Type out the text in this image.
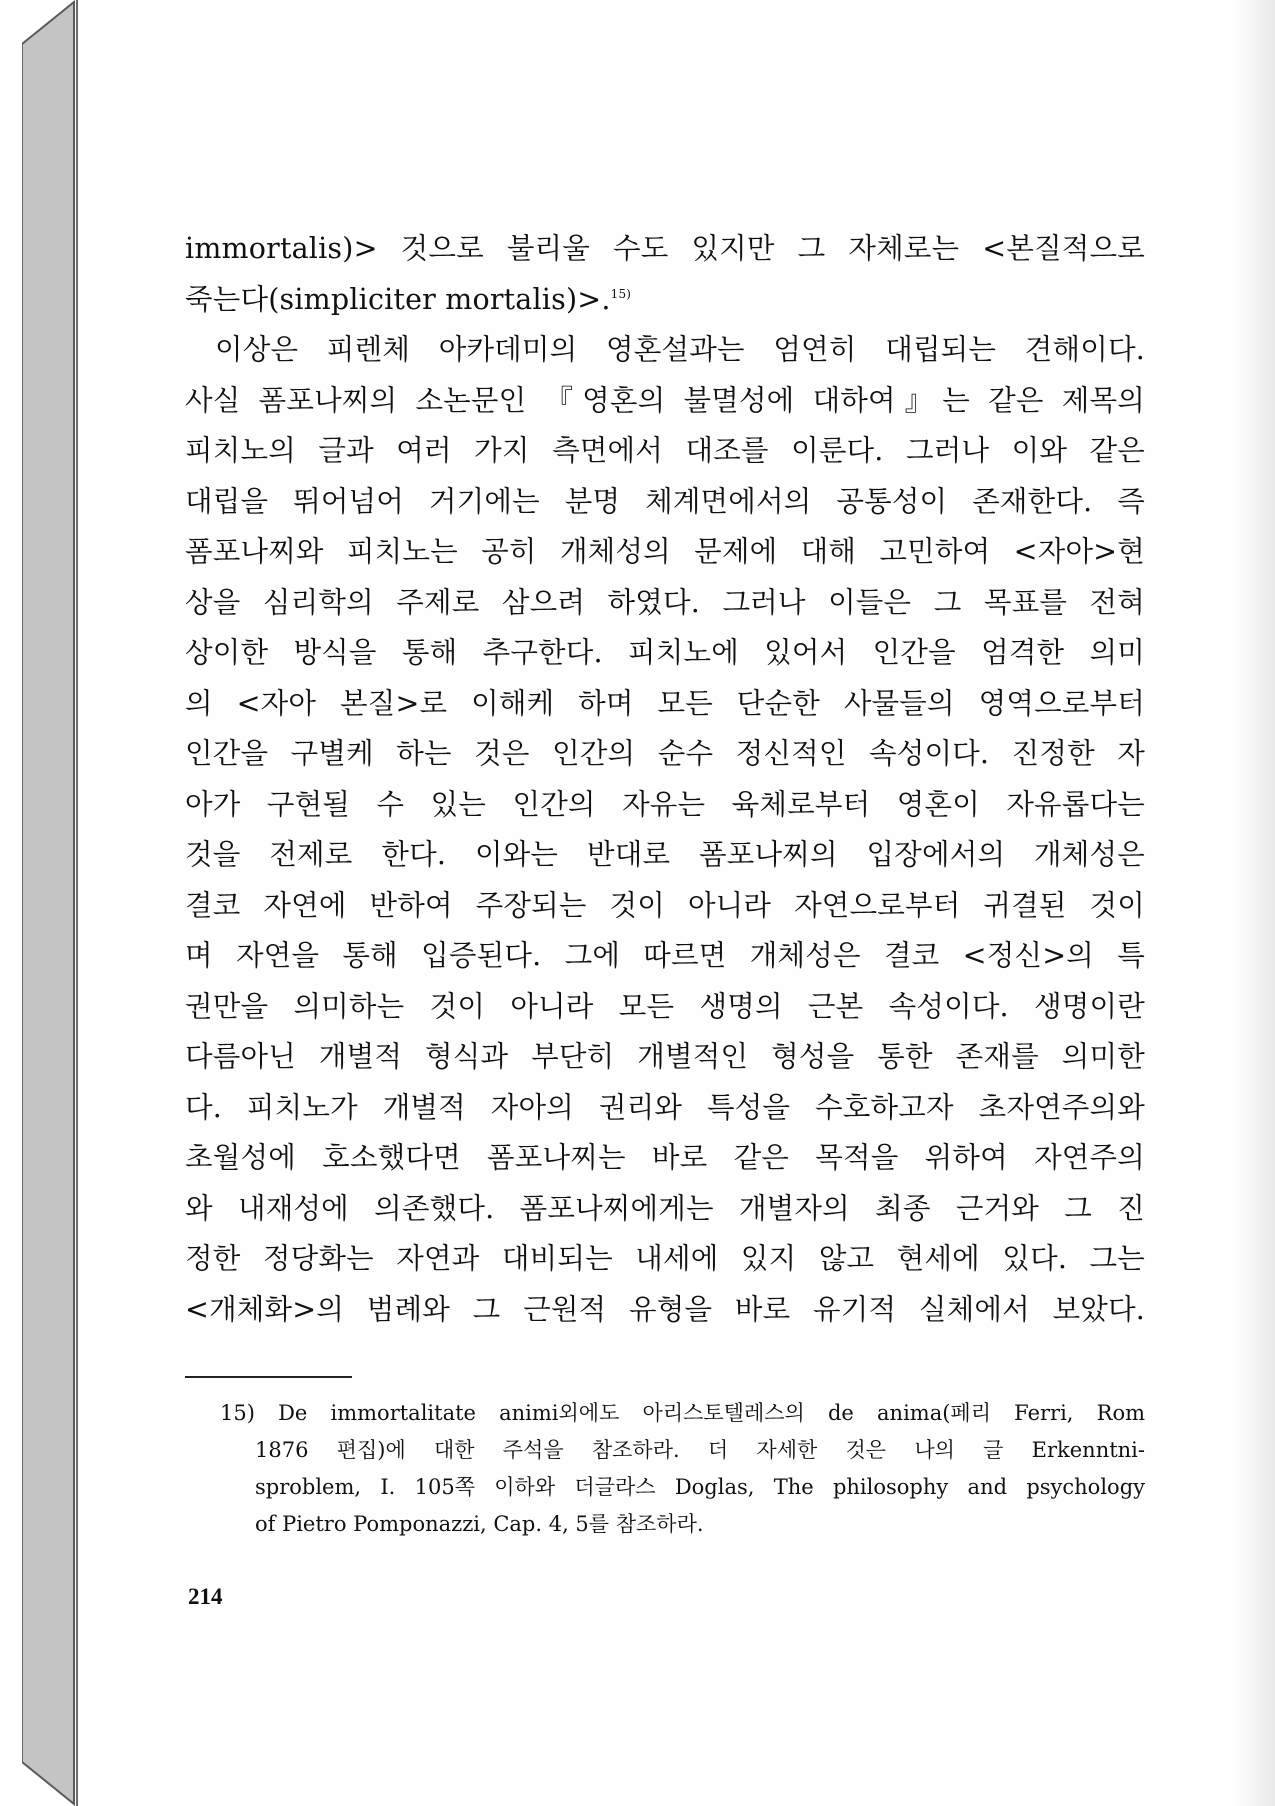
immortalis)> 것으로 불리울 수도 있지만 그 자체로는 <본질적으로
죽는다(simpliciter mortalis)>.$^{15)}$
이상은 피렌체 아카데미의 영혼설과는 엄연히 대립되는 견해이다.
사실 폼포나찌의 소논문인 『영혼의 불멸성에 대하여』는 같은 제목의
피치노의 글과 여러 가지 측면에서 대조를 이룬다. 그러나 이와 같은
대립을 뛰어넘어 거기에는 분명 체계면에서의 공통성이 존재한다. 즉
폼포나찌와 피치노는 공히 개체성의 문제에 대해 고민하여 <자아>현
상을 심리학의 주제로 삼으려 하였다. 그러나 이들은 그 목표를 전혀
상이한 방식을 통해 추구한다. 피치노에 있어서 인간을 엄격한 의미
의 <자아 본질>로 이해케 하며 모든 단순한 사물들의 영역으로부터
인간을 구별케 하는 것은 인간의 순수 정신적인 속성이다. 진정한 자
아가 구현될 수 있는 인간의 자유는 육체로부터 영혼이 자유롭다는
것을 전제로 한다. 이와는 반대로 폼포나찌의 입장에서의 개체성은
결코 자연에 반하여 주장되는 것이 아니라 자연으로부터 귀결된 것이
며 자연을 통해 입증된다. 그에 따르면 개체성은 결코 <정신>의 특
권만을 의미하는 것이 아니라 모든 생명의 근본 속성이다. 생명이란
다름아닌 개별적 형식과 부단히 개별적인 형성을 통한 존재를 의미한
다. 피치노가 개별적 자아의 권리와 특성을 수호하고자 초자연주의와
초월성에 호소했다면 폼포나찌는 바로 같은 목적을 위하여 자연주의
와 내재성에 의존했다. 폼포나찌에게는 개별자의 최종 근거와 그 진
정한 정당화는 자연과 대비되는 내세에 있지 않고 현세에 있다. 그는
<개체화>의 범례와 그 근원적 유형을 바로 유기적 실체에서 보았다.
15) De immortalitate animi외에도 아리스토텔레스의 de anima(페리 Ferri, Rom
1876 편집)에 대한 주석을 참조하라. 더 자세한 것은 나의 글 Erkenntni-
sproblem, I. 105쪽 이하와 더글라스 Doglas, The philosophy and psychology
of Pietro Pomponazzi, Cap. 4, 5를 참조하라.
214
